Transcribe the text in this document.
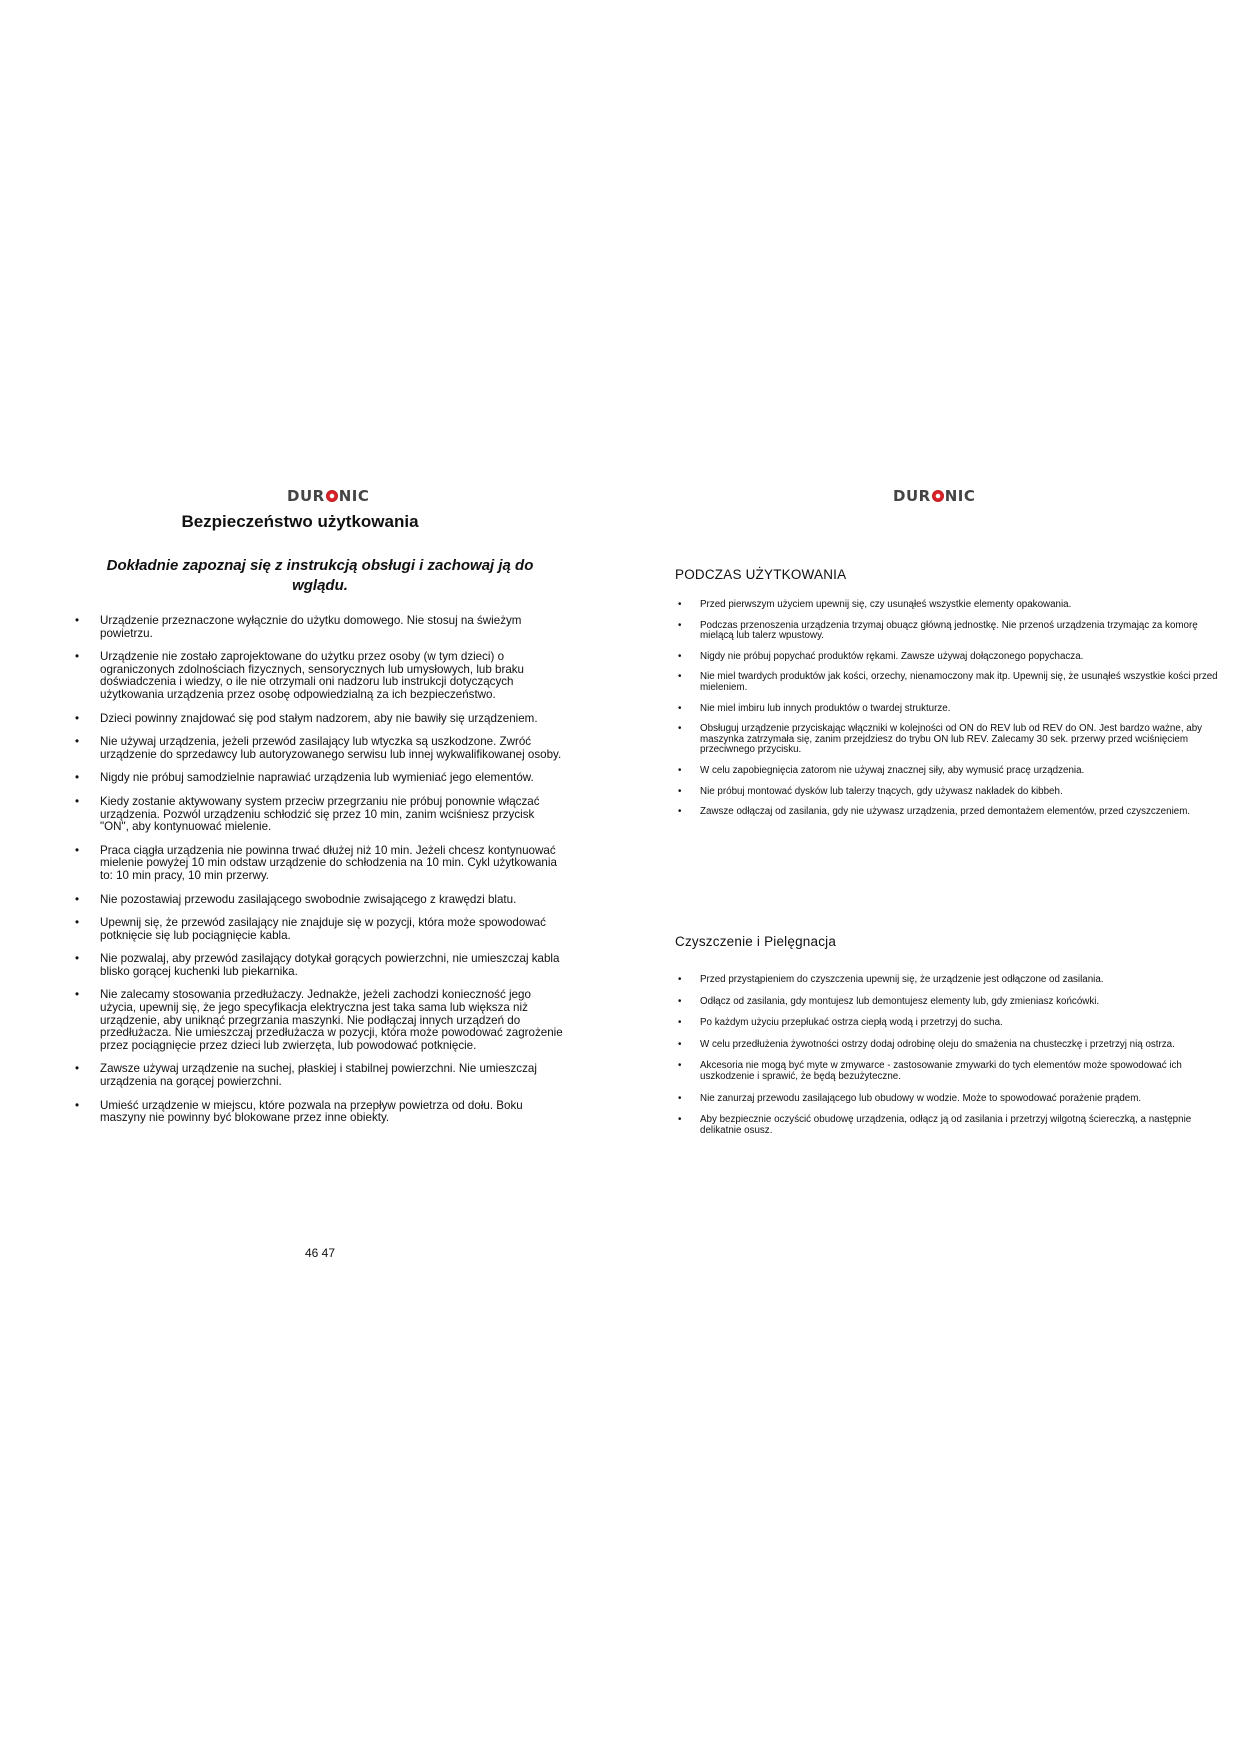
DUR NIC
Bezpieczeństwo użytkowania

Dokładnie zapoznaj się z instrukcją obsługi i zachowaj ją do wglądu.

• Urządzenie przeznaczone wyłącznie do użytku domowego. Nie stosuj na świeżym powietrzu.
• Urządzenie nie zostało zaprojektowane do użytku przez osoby (w tym dzieci) o ograniczonych zdolnościach fizycznych, sensorycznych lub umysłowych, lub braku doświadczenia i wiedzy, o ile nie otrzymali oni nadzoru lub instrukcji dotyczących użytkowania urządzenia przez osobę odpowiedzialną za ich bezpieczeństwo.
• Dzieci powinny znajdować się pod stałym nadzorem, aby nie bawiły się urządzeniem.
• Nie używaj urządzenia, jeżeli przewód zasilający lub wtyczka są uszkodzone. Zwróć urządzenie do sprzedawcy lub autoryzowanego serwisu lub innej wykwalifikowanej osoby.
• Nigdy nie próbuj samodzielnie naprawiać urządzenia lub wymieniać jego elementów.
• Kiedy zostanie aktywowany system przeciw przegrzaniu nie próbuj ponownie włączać urządzenia. Pozwól urządzeniu schłodzić się przez 10 min, zanim wciśniesz przycisk "ON", aby kontynuować mielenie.
• Praca ciągła urządzenia nie powinna trwać dłużej niż 10 min. Jeżeli chcesz kontynuować mielenie powyżej 10 min odstaw urządzenie do schłodzenia na 10 min. Cykl użytkowania to: 10 min pracy, 10 min przerwy.
• Nie pozostawiaj przewodu zasilającego swobodnie zwisającego z krawędzi blatu.
• Upewnij się, że przewód zasilający nie znajduje się w pozycji, która może spowodować potknięcie się lub pociągnięcie kabla.
• Nie pozwalaj, aby przewód zasilający dotykał gorących powierzchni, nie umieszczaj kabla blisko gorącej kuchenki lub piekarnika.
• Nie zalecamy stosowania przedłużaczy. Jednakże, jeżeli zachodzi konieczność jego użycia, upewnij się, że jego specyfikacja elektryczna jest taka sama lub większa niż urządzenie, aby uniknąć przegrzania maszynki. Nie podłączaj innych urządzeń do przedłużacza. Nie umieszczaj przedłużacza w pozycji, która może powodować zagrożenie przez pociągnięcie przez dzieci lub zwierzęta, lub powodować potknięcie.
• Zawsze używaj urządzenie na suchej, płaskiej i stabilnej powierzchni. Nie umieszczaj urządzenia na gorącej powierzchni.
• Umieść urządzenie w miejscu, które pozwala na przepływ powietrza od dołu. Boku maszyny nie powinny być blokowane przez inne obiekty.
46 47
DUR NIC
PODCZAS UŻYTKOWANIA
• Przed pierwszym użyciem upewnij się, czy usunąłeś wszystkie elementy opakowania.
• Podczas przenoszenia urządzenia trzymaj obuącz główną jednostkę. Nie przenoś urządzenia trzymając za komorę mielącą lub talerz wpustowy.
• Nigdy nie próbuj popychać produktów rękami. Zawsze używaj dołączonego popychacza.
• Nie miel twardych produktów jak kości, orzechy, nienamoczony mak itp. Upewnij się, że usunąłeś wszystkie kości przed mieleniem.
• Nie miel imbiru lub innych produktów o twardej strukturze.
• Obsługuj urządzenie przyciskając włączniki w kolejności od ON do REV lub od REV do ON. Jest bardzo ważne, aby maszynka zatrzymała się, zanim przejdziesz do trybu ON lub REV. Zalecamy 30 sek. przerwy przed wciśnięciem przeciwnego przycisku.
• W celu zapobiegnięcia zatorom nie używaj znacznej siły, aby wymusić pracę urządzenia.
• Nie próbuj montować dysków lub talerzy tnących, gdy używasz nakładek do kibbeh.
• Zawsze odłączaj od zasilania, gdy nie używasz urządzenia, przed demontażem elementów, przed czyszczeniem.
Czyszczenie i Pielęgnacja
• Przed przystąpieniem do czyszczenia upewnij się, że urządzenie jest odłączone od zasilania.
• Odłącz od zasilania, gdy montujesz lub demontujesz elementy lub, gdy zmieniasz końcówki.
• Po każdym użyciu przepłukać ostrza ciepłą wodą i przetrzyj do sucha.
• W celu przedłużenia żywotności ostrzy dodaj odrobinę oleju do smażenia na chusteczkę i przetrzyj nią ostrza.
• Akcesoria nie mogą być myte w zmywarce - zastosowanie zmywarki do tych elementów może spowodować ich uszkodzenie i sprawić, że będą bezużyteczne.
• Nie zanurzaj przewodu zasilającego lub obudowy w wodzie. Może to spowodować porażenie prądem.
• Aby bezpiecznie oczyścić obudowę urządzenia, odłącz ją od zasilania i przetrzyj wilgotną ściereczką, a następnie delikatnie osusz.
